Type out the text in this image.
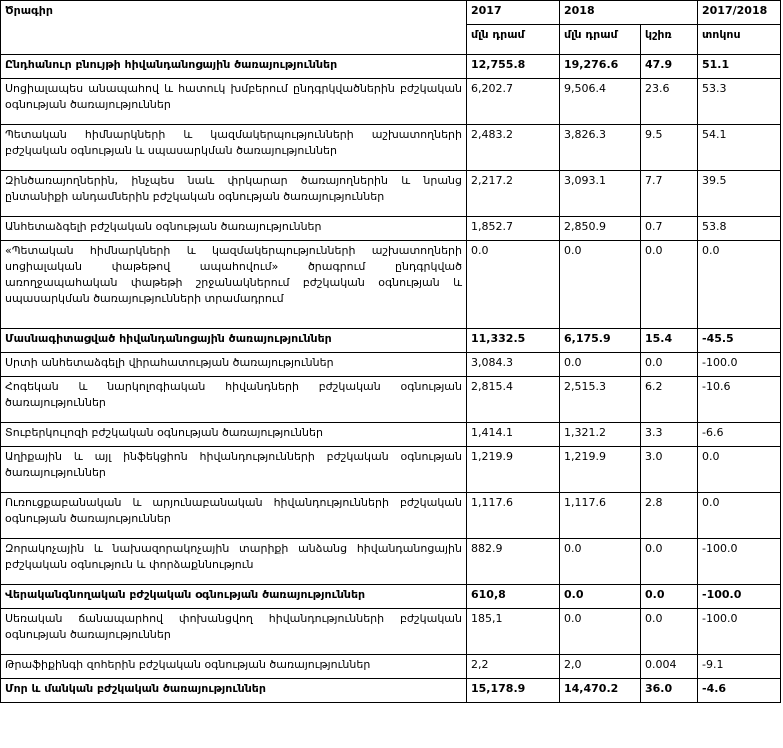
Ծրագիր	2017	2018		2017/2018
	մլն դրամ	մլն դրամ	կշիռ	տոկոս
Ընդհանուր բնույթի հիվանդանոցային ծառայություններ	12,755.8	19,276.6	47.9	51.1
Սոցիալապես անապահով և հատուկ խմբերում ընդգրկվածներին բժշկական օգնության ծառայություններ	6,202.7	9,506.4	23.6	53.3
Պետական հիմնարկների և կազմակերպությունների աշխատողների բժշկական օգնության և սպասարկման ծառայություններ	2,483.2	3,826.3	9.5	54.1
Զինծառայողներին, ինչպես նաև փրկարար ծառայողներին և նրանց ընտանիքի անդամներին բժշկական օգնության ծառայություններ	2,217.2	3,093.1	7.7	39.5
Անհետաձգելի բժշկական օգնության ծառայություններ	1,852.7	2,850.9	0.7	53.8
«Պետական հիմնարկների և կազմակերպությունների աշխատողների սոցիալական փաթեթով ապահովում» ծրագրում ընդգրկված առողջապահական փաթեթի շրջանակներում բժշկական օգնության և սպասարկման ծառայությունների տրամադրում	0.0	0.0	0.0	0.0
Մասնագիտացված հիվանդանոցային ծառայություններ	11,332.5	6,175.9	15.4	-45.5
Սրտի անհետաձգելի վիրահատության ծառայություններ	3,084.3	0.0	0.0	-100.0
Հոգեկան և նարկոլոգիական հիվանդների բժշկական օգնության ծառայություններ	2,815.4	2,515.3	6.2	-10.6
Տուբերկուլոզի բժշկական օգնության ծառայություններ	1,414.1	1,321.2	3.3	-6.6
Աղիքային և այլ ինֆեկցիոն հիվանդությունների բժշկական օգնության ծառայություններ	1,219.9	1,219.9	3.0	0.0
Ուռուցքաբանական և արյունաբանական հիվանդությունների բժշկական օգնության ծառայություններ	1,117.6	1,117.6	2.8	0.0
Զորակոչային և նախազորակոչային տարիքի անձանց հիվանդանոցային բժշկական օգնություն և փորձաքննություն	882.9	0.0	0.0	-100.0
Վերականգնողական բժշկական օգնության ծառայություններ	610,8	0.0	0.0	-100.0
Սեռական ճանապարհով փոխանցվող հիվանդությունների բժշկական օգնության ծառայություններ	185,1	0.0	0.0	-100.0
Թրաֆիքինգի զոհերին բժշկական օգնության ծառայություններ	2,2	2,0	0.004	-9.1
Մոր և մանկան բժշկական ծառայություններ	15,178.9	14,470.2	36.0	-4.6
